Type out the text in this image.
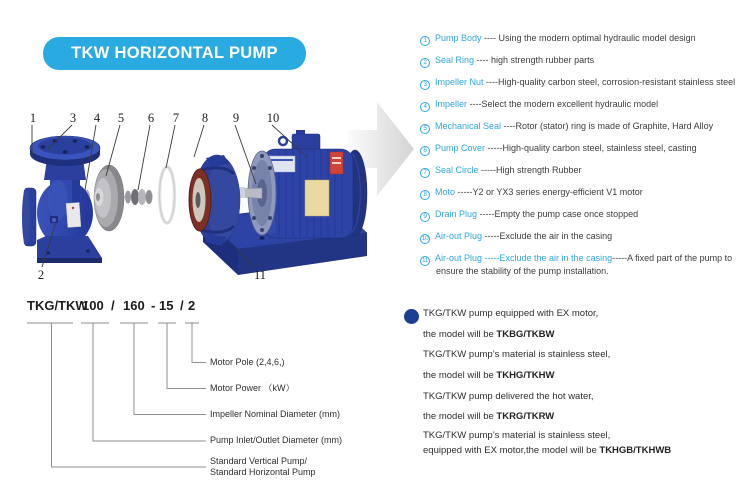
TKW HORIZONTAL PUMP
1	3 4 5 6 7 8 9 10
2	11
1 Pump Body ---- Using the modern optimal hydraulic model design
2 Seal Ring ---- high strength rubber parts
3 Impeller Nut ----High-quality carbon steel, corrosion-resistant stainless steel
4 Impeller ----Select the modern excellent hydraulic model
5 Mechanical Seal ----Rotor (stator) ring is made of Graphite, Hard Alloy
6 Pump Cover -----High-quality carbon steel, stainless steel, casting
7 Seal Circle -----High strength Rubber
8 Moto -----Y2 or YX3 series energy-efficient V1 motor
9 Drain Plug -----Empty the pump case once stopped
10 Air-out Plug -----Exclude the air in the casing
11 Air-out Plug -----Exclude the air in the casing-----A fixed part of the pump to
ensure the stability of the pump installation.
TKG/TKW
100 / 160 - 15 / 2
Motor Pole (2,4,6,)
Motor Power （kW）
Impeller Nominal Diameter (mm)
Pump Inlet/Outlet Diameter (mm)
Standard Vertical Pump/
Standard Horizontal Pump
TKG/TKW pump equipped with EX motor,
the model will be TKBG/TKBW
TKG/TKW pump’s material is stainless steel,
the model will be TKHG/TKHW
TKG/TKW pump delivered the hot water,
the model will be TKRG/TKRW
TKG/TKW pump’s material is stainless steel,
equipped with EX motor,the model will be TKHGB/TKHWB
